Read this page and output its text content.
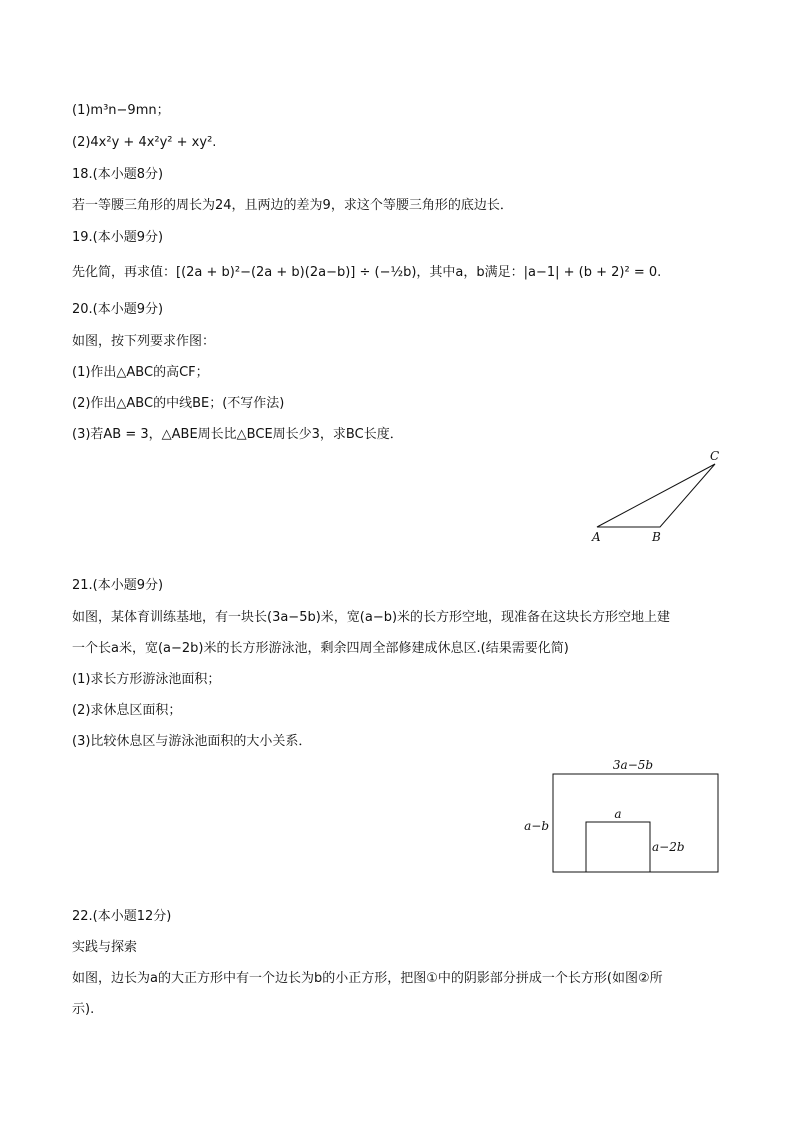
(1)m³n−9mn；
(2)4x²y + 4x²y² + xy².
18.(本小题8分)
若一等腰三角形的周长为24，且两边的差为9，求这个等腰三角形的底边长．
19.(本小题9分)
先化简，再求值：[(2a + b)²−(2a + b)(2a−b)] ÷ (−½b)，其中a，b满足：|a−1| + (b + 2)² = 0.
20.(本小题9分)
如图，按下列要求作图：
(1)作出△ABC的高CF；
(2)作出△ABC的中线BE；(不写作法)
(3)若AB = 3，△ABE周长比△BCE周长少3，求BC长度．
A	B
C
21.(本小题9分)
如图，某体育训练基地，有一块长(3a−5b)米，宽(a−b)米的长方形空地，现准备在这块长方形空地上建
一个长a米，宽(a−2b)米的长方形游泳池，剩余四周全部修建成休息区.(结果需要化简)
(1)求长方形游泳池面积；
(2)求休息区面积；
(3)比较休息区与游泳池面积的大小关系．
3a−5b
a−b
a
a−2b
22.(本小题12分)
实践与探索
如图，边长为a的大正方形中有一个边长为b的小正方形，把图①中的阴影部分拼成一个长方形(如图②所
示).
